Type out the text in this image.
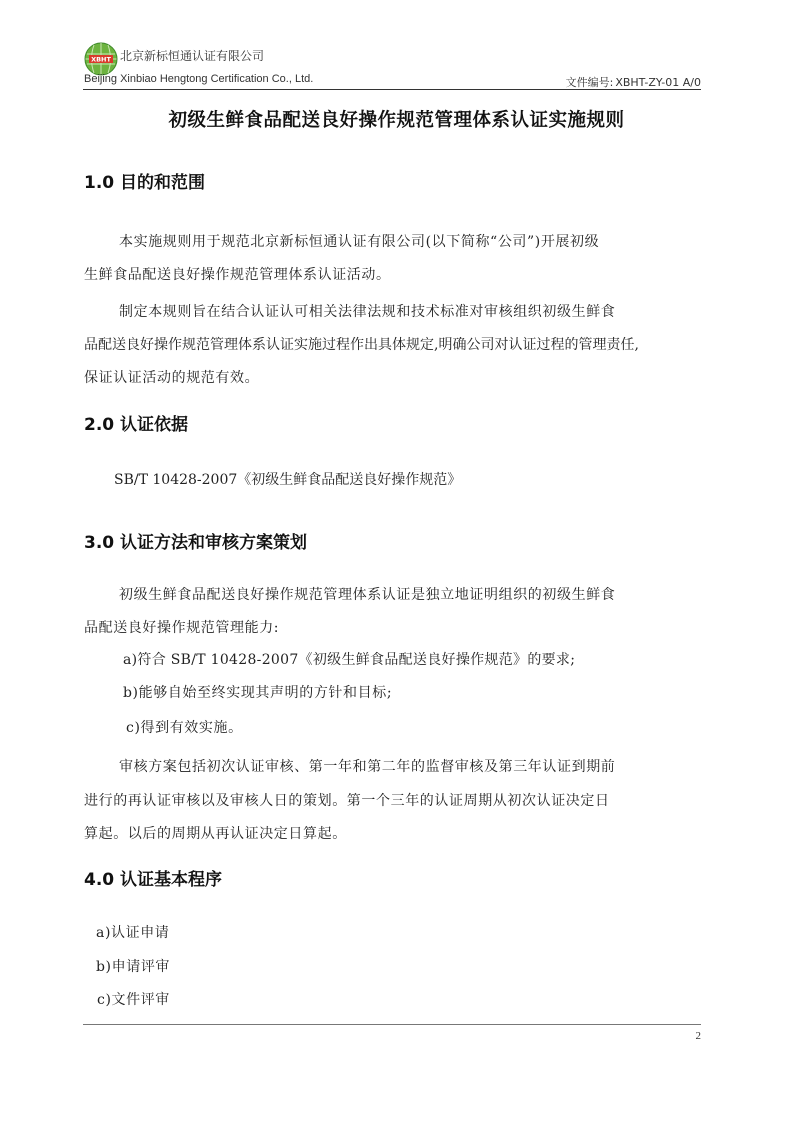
XBHT 北京新标恒通认证有限公司
Beijing Xinbiao Hengtong Certification Co., Ltd.	文件编号: XBHT-ZY-01 A/0
初级生鲜食品配送良好操作规范管理体系认证实施规则
1.0 目的和范围
本实施规则用于规范北京新标恒通认证有限公司(以下简称“公司”)开展初级
生鲜食品配送良好操作规范管理体系认证活动。
制定本规则旨在结合认证认可相关法律法规和技术标准对审核组织初级生鲜食
品配送良好操作规范管理体系认证实施过程作出具体规定,明确公司对认证过程的管理责任,
保证认证活动的规范有效。
2.0 认证依据
SB/T 10428-2007《初级生鲜食品配送良好操作规范》
3.0 认证方法和审核方案策划
初级生鲜食品配送良好操作规范管理体系认证是独立地证明组织的初级生鲜食
品配送良好操作规范管理能力:
a)符合 SB/T 10428-2007《初级生鲜食品配送良好操作规范》的要求;
b)能够自始至终实现其声明的方针和目标;
c)得到有效实施。
审核方案包括初次认证审核、第一年和第二年的监督审核及第三年认证到期前
进行的再认证审核以及审核人日的策划。第一个三年的认证周期从初次认证决定日
算起。以后的周期从再认证决定日算起。
4.0 认证基本程序
a)认证申请
b)申请评审
c)文件评审
2
